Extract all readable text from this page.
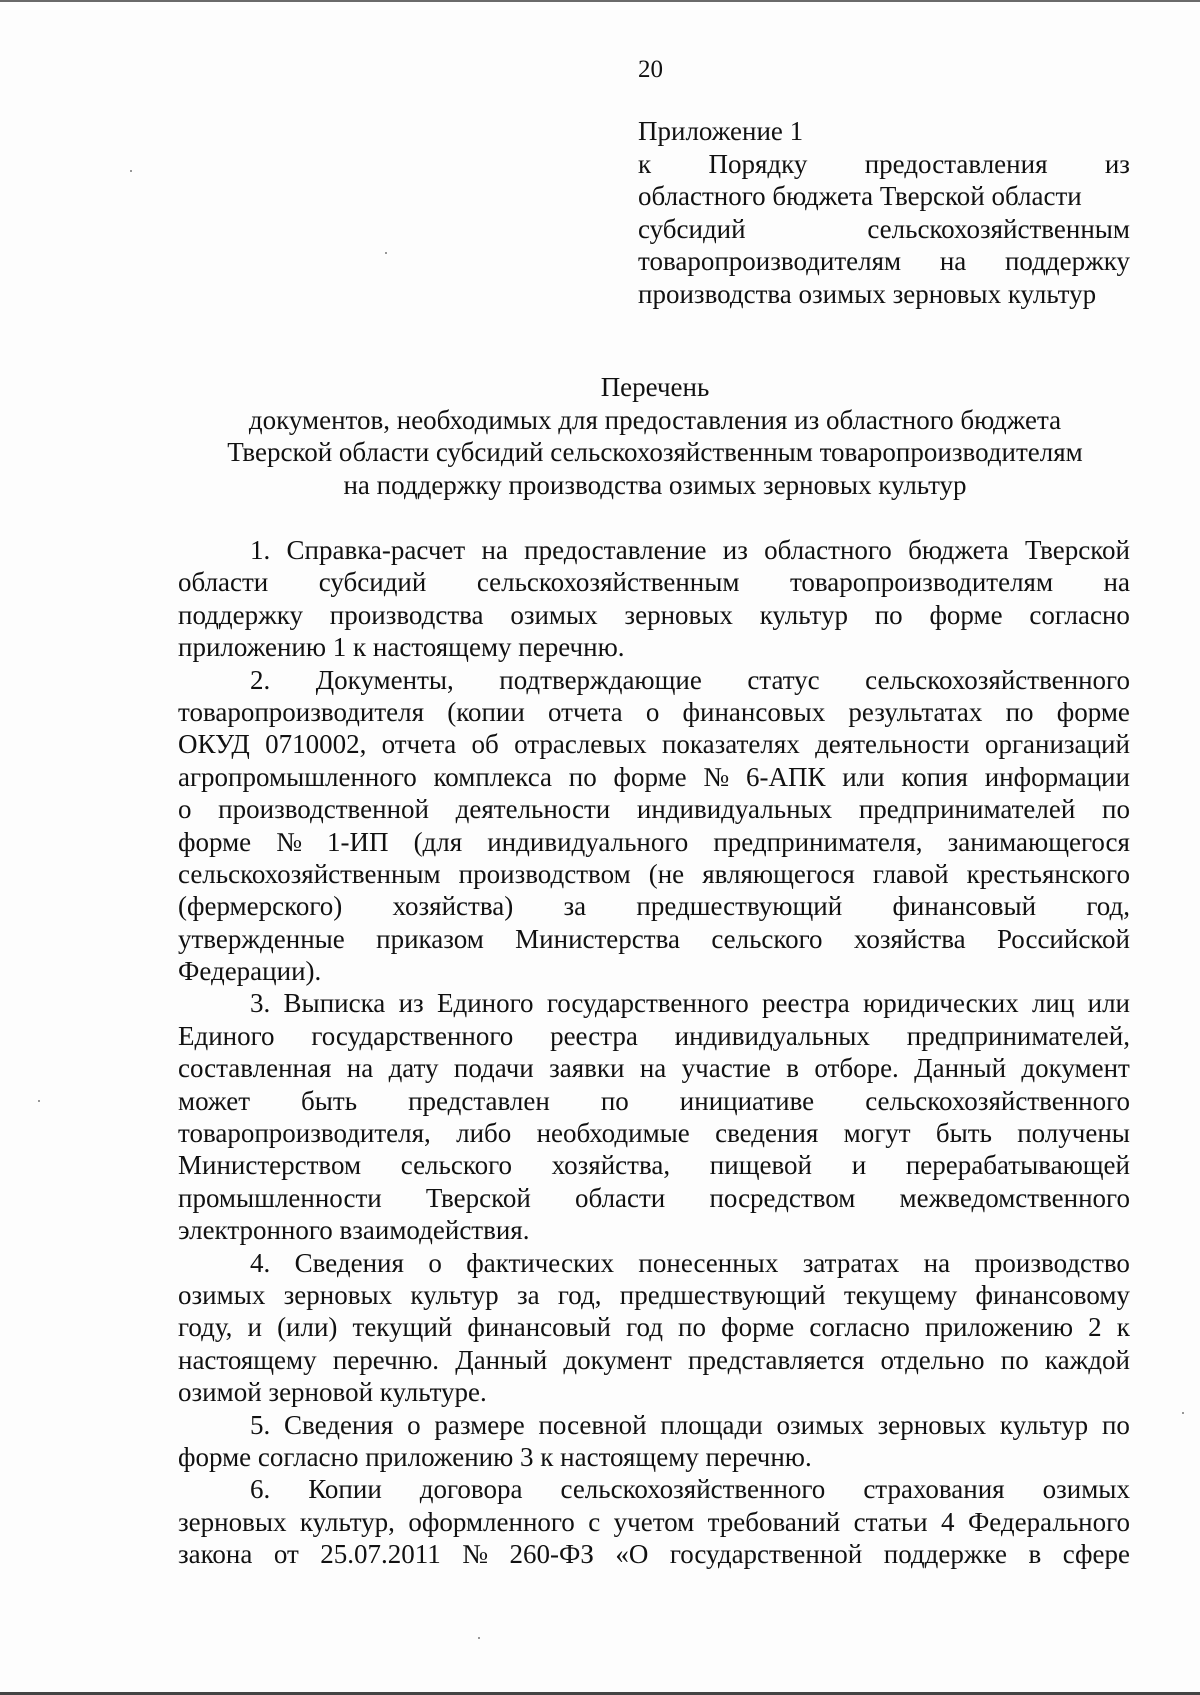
20
Приложение 1
к Порядку предоставления из
областного бюджета Тверской области
субсидий	сельскохозяйственным
товаропроизводителям на поддержку
производства озимых зерновых культур
Перечень
документов, необходимых для предоставления из областного бюджета
Тверской области субсидий сельскохозяйственным товаропроизводителям
на поддержку производства озимых зерновых культур
1. Справка-расчет на предоставление из областного бюджета Тверской
области субсидий сельскохозяйственным товаропроизводителям на
поддержку производства озимых зерновых культур по форме согласно
приложению 1 к настоящему перечню.
2. Документы, подтверждающие статус сельскохозяйственного
товаропроизводителя (копии отчета о финансовых результатах по форме
ОКУД 0710002, отчета об отраслевых показателях деятельности организаций
агропромышленного комплекса по форме № 6-АПК или копия информации
о производственной деятельности индивидуальных предпринимателей по
форме № 1-ИП (для индивидуального предпринимателя, занимающегося
сельскохозяйственным производством (не являющегося главой крестьянского
(фермерского) хозяйства) за предшествующий финансовый год,
утвержденные приказом Министерства сельского хозяйства Российской
Федерации).
3. Выписка из Единого государственного реестра юридических лиц или
Единого государственного реестра индивидуальных предпринимателей,
составленная на дату подачи заявки на участие в отборе. Данный документ
может быть представлен по инициативе сельскохозяйственного
товаропроизводителя, либо необходимые сведения могут быть получены
Министерством сельского хозяйства, пищевой и перерабатывающей
промышленности Тверской области посредством межведомственного
электронного взаимодействия.
4. Сведения о фактических понесенных затратах на производство
озимых зерновых культур за год, предшествующий текущему финансовому
году, и (или) текущий финансовый год по форме согласно приложению 2 к
настоящему перечню. Данный документ представляется отдельно по каждой
озимой зерновой культуре.
5. Сведения о размере посевной площади озимых зерновых культур по
форме согласно приложению 3 к настоящему перечню.
6. Копии договора сельскохозяйственного страхования озимых
зерновых культур, оформленного с учетом требований статьи 4 Федерального
закона от 25.07.2011 № 260-ФЗ «О государственной поддержке в сфере
